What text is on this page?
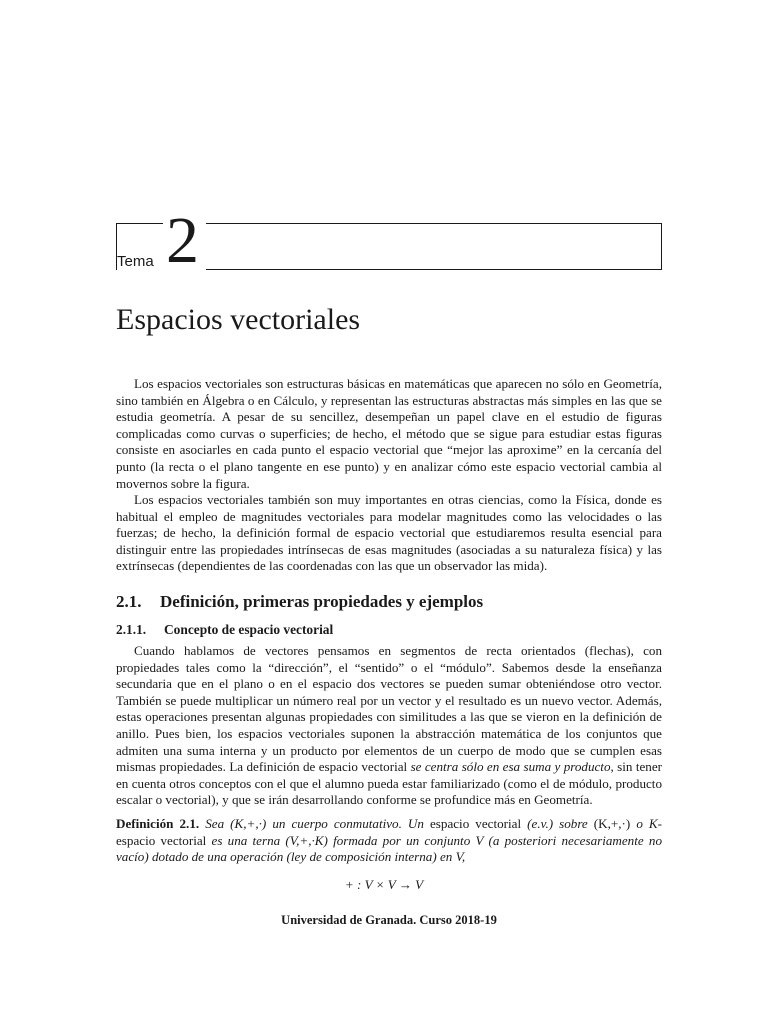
Tema 2
Espacios vectoriales

Los espacios vectoriales son estructuras básicas en matemáticas que aparecen no sólo en Geometría, sino también en Álgebra o en Cálculo, y representan las estructuras abstractas más simples en las que se estudia geometría. A pesar de su sencillez, desempeñan un papel clave en el estudio de figuras complicadas como curvas o superficies; de hecho, el método que se sigue para estudiar estas figuras consiste en asociarles en cada punto el espacio vectorial que “mejor las aproxime” en la cercanía del punto (la recta o el plano tangente en ese punto) y en analizar cómo este espacio vectorial cambia al movernos sobre la figura.

Los espacios vectoriales también son muy importantes en otras ciencias, como la Física, donde es habitual el empleo de magnitudes vectoriales para modelar magnitudes como las velocidades o las fuerzas; de hecho, la definición formal de espacio vectorial que estudiaremos resulta esencial para distinguir entre las propiedades intrínsecas de esas magnitudes (asociadas a su naturaleza física) y las extrínsecas (dependientes de las coordenadas con las que un observador las mida).

2.1. Definición, primeras propiedades y ejemplos
2.1.1. Concepto de espacio vectorial

Cuando hablamos de vectores pensamos en segmentos de recta orientados (flechas), con propiedades tales como la “dirección”, el “sentido” o el “módulo”. Sabemos desde la enseñanza secundaria que en el plano o en el espacio dos vectores se pueden sumar obteniéndose otro vector. También se puede multiplicar un número real por un vector y el resultado es un nuevo vector. Además, estas operaciones presentan algunas propiedades con similitudes a las que se vieron en la definición de anillo. Pues bien, los espacios vectoriales suponen la abstracción matemática de los conjuntos que admiten una suma interna y un producto por elementos de un cuerpo de modo que se cumplen esas mismas propiedades. La definición de espacio vectorial se centra sólo en esa suma y producto, sin tener en cuenta otros conceptos con el que el alumno pueda estar familiarizado (como el de módulo, producto escalar o vectorial), y que se irán desarrollando conforme se profundice más en Geometría.

Definición 2.1. Sea (K,+,·) un cuerpo conmutativo. Un espacio vectorial (e.v.) sobre (K,+,·) o K-espacio vectorial es una terna (V,+,·K) formada por un conjunto V (a posteriori necesariamente no vacío) dotado de una operación (ley de composición interna) en V,

+ : V × V → V
Universidad de Granada. Curso 2018-19
